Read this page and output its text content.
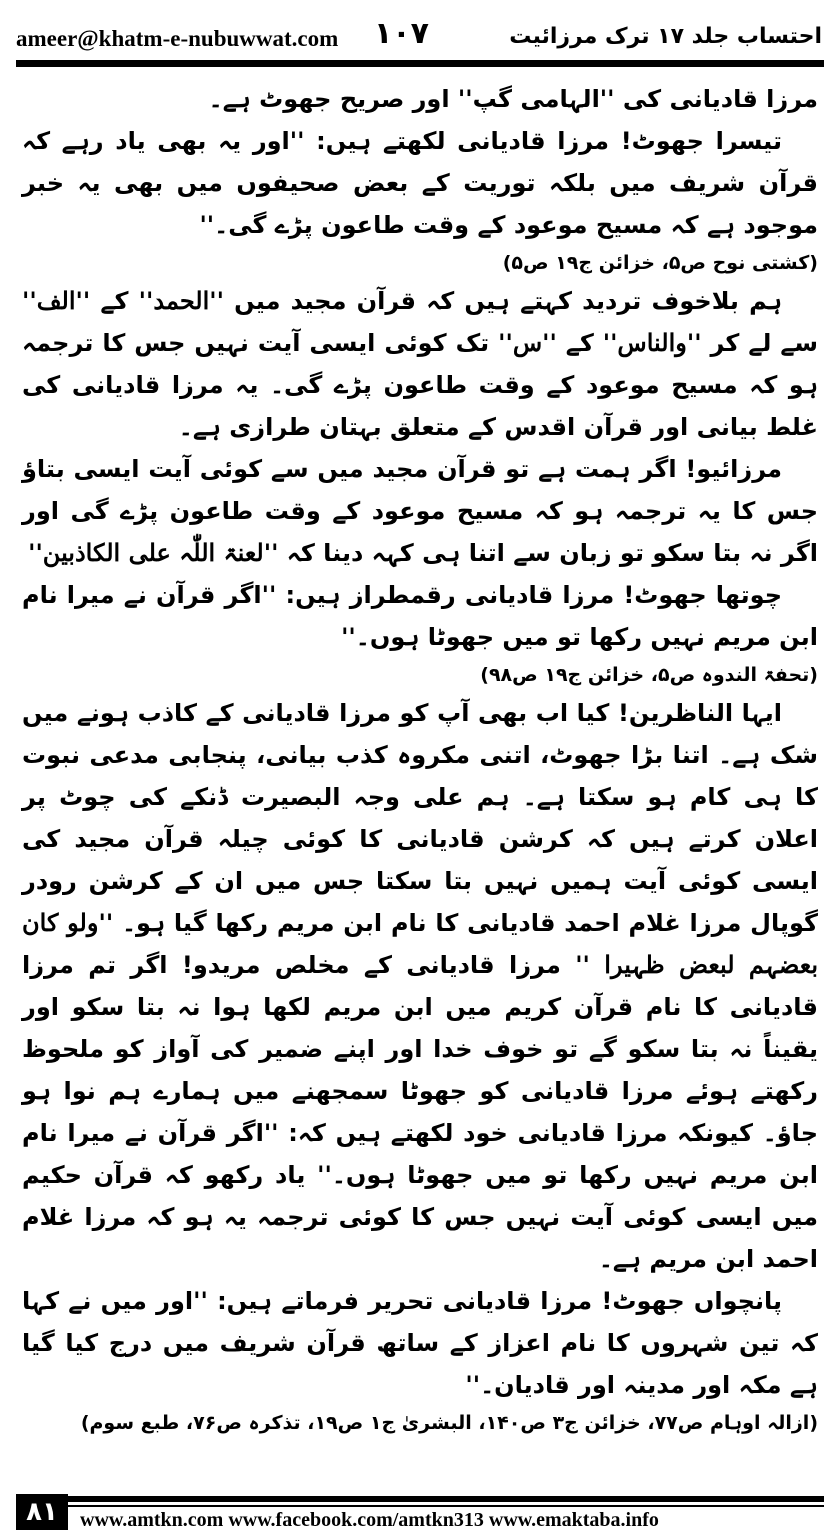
ameer@khatm-e-nubuwwat.com ۱۰۷	احتساب جلد ۱۷ ترک مرزائیت

مرزا قادیانی کی ''الہامی گپ'' اور صریح جھوٹ ہے۔

تیسرا جھوٹ! مرزا قادیانی لکھتے ہیں: ''اور یہ بھی یاد رہے کہ قرآن شریف میں بلکہ توریت کے بعض صحیفوں میں بھی یہ خبر موجود ہے کہ مسیح موعود کے وقت طاعون پڑے گی۔''

(کشتی نوح ص۵، خزائن ج۱۹ ص۵)

ہم بلاخوف تردید کہتے ہیں کہ قرآن مجید میں ''الحمد'' کے ''الف'' سے لے کر ''والناس'' کے ''س'' تک کوئی ایسی آیت نہیں جس کا ترجمہ ہو کہ مسیح موعود کے وقت طاعون پڑے گی۔ یہ مرزا قادیانی کی غلط بیانی اور قرآن اقدس کے متعلق بہتان طرازی ہے۔

مرزائیو! اگر ہمت ہے تو قرآن مجید میں سے کوئی آیت ایسی بتاؤ جس کا یہ ترجمہ ہو کہ مسیح موعود کے وقت طاعون پڑے گی اور اگر نہ بتا سکو تو زبان سے اتنا ہی کہہ دینا کہ ''لعنۃ اللّٰہ علی الکاذبین''

چوتھا جھوٹ! مرزا قادیانی رقمطراز ہیں: ''اگر قرآن نے میرا نام ابن مریم نہیں رکھا تو میں جھوٹا ہوں۔''

(تحفۃ الندوہ ص۵، خزائن ج۱۹ ص۹۸)

ایہا الناظرین! کیا اب بھی آپ کو مرزا قادیانی کے کاذب ہونے میں شک ہے۔ اتنا بڑا جھوٹ، اتنی مکروہ کذب بیانی، پنجابی مدعی نبوت کا ہی کام ہو سکتا ہے۔ ہم علی وجہ البصیرت ڈنکے کی چوٹ پر اعلان کرتے ہیں کہ کرشن قادیانی کا کوئی چیلہ قرآن مجید کی ایسی کوئی آیت ہمیں نہیں بتا سکتا جس میں ان کے کرشن رودر گوپال مرزا غلام احمد قادیانی کا نام ابن مریم رکھا گیا ہو۔ ''ولو کان بعضہم لبعض ظہیرا '' مرزا قادیانی کے مخلص مریدو! اگر تم مرزا قادیانی کا نام قرآن کریم میں ابن مریم لکھا ہوا نہ بتا سکو اور یقیناً نہ بتا سکو گے تو خوف خدا اور اپنے ضمیر کی آواز کو ملحوظ رکھتے ہوئے مرزا قادیانی کو جھوٹا سمجھنے میں ہمارے ہم نوا ہو جاؤ۔ کیونکہ مرزا قادیانی خود لکھتے ہیں کہ: ''اگر قرآن نے میرا نام ابن مریم نہیں رکھا تو میں جھوٹا ہوں۔'' یاد رکھو کہ قرآن حکیم میں ایسی کوئی آیت نہیں جس کا کوئی ترجمہ یہ ہو کہ مرزا غلام احمد ابن مریم ہے۔

پانچواں جھوٹ! مرزا قادیانی تحریر فرماتے ہیں: ''اور میں نے کہا کہ تین شہروں کا نام اعزاز کے ساتھ قرآن شریف میں درج کیا گیا ہے مکہ اور مدینہ اور قادیان۔''

(ازالہ اوہام ص۷۷، خزائن ج۳ ص۱۴۰، البشریٰ ج۱ ص۱۹، تذکرہ ص۷۶، طبع سوم)

۸۱	www.amtkn.com www.facebook.com/amtkn313 www.emaktaba.info
